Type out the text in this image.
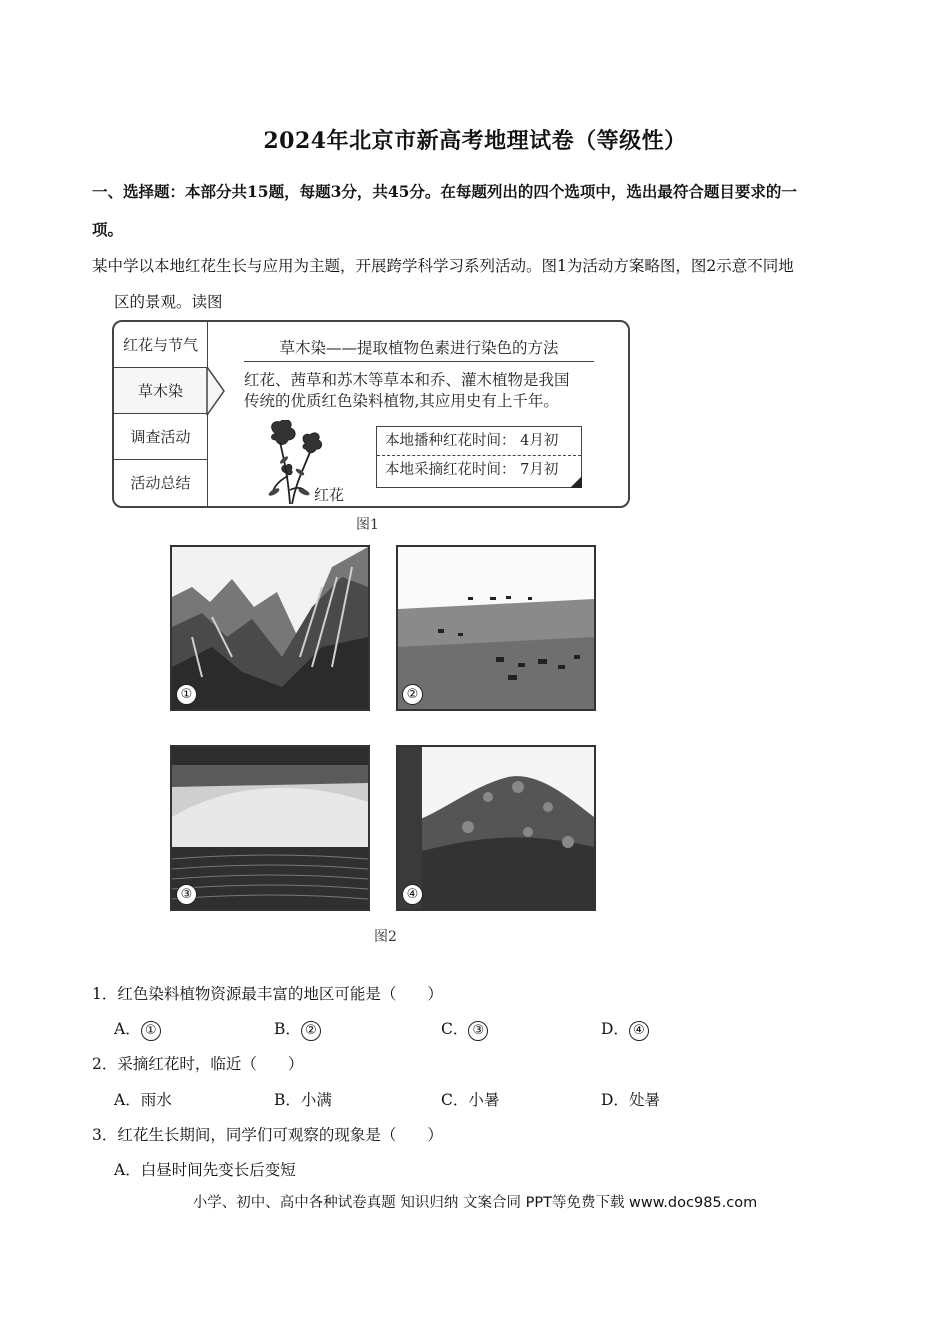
2024年北京市新高考地理试卷（等级性）
一、选择题：本部分共15题，每题3分，共45分。在每题列出的四个选项中，选出最符合题目要求的一
项。
某中学以本地红花生长与应用为主题，开展跨学科学习系列活动。图1为活动方案略图，图2示意不同地
区的景观。读图
红花与节气
草木染
调查活动
活动总结
草木染——提取植物色素进行染色的方法
红花、茜草和苏木等草本和乔、灌木植物是我国
传统的优质红色染料植物,其应用史有上千年。
红花
本地播种红花时间： 4月初
本地采摘红花时间： 7月初
图1
①	②
③	④
图2
1．红色染料植物资源最丰富的地区可能是（　　）
A． ①	B． ②	C． ③	D． ④
2．采摘红花时，临近（　　）
A．雨水	B．小满	C．小暑	D．处暑
3．红花生长期间，同学们可观察的现象是（　　）
A．白昼时间先变长后变短
小学、初中、高中各种试卷真题 知识归纳 文案合同 PPT等免费下载 www.doc985.com
